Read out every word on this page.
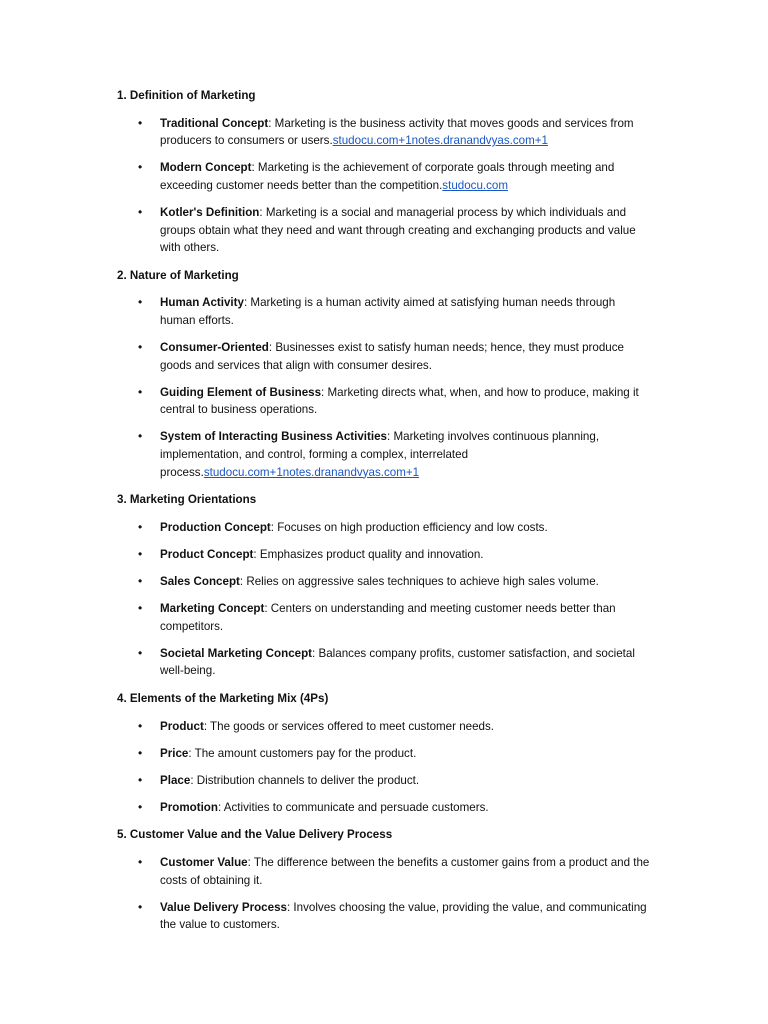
1. Definition of Marketing
• Traditional Concept: Marketing is the business activity that moves goods and services from producers to consumers or users.studocu.com+1notes.dranandvyas.com+1
• Modern Concept: Marketing is the achievement of corporate goals through meeting and exceeding customer needs better than the competition.studocu.com
• Kotler's Definition: Marketing is a social and managerial process by which individuals and groups obtain what they need and want through creating and exchanging products and value with others.
2. Nature of Marketing
• Human Activity: Marketing is a human activity aimed at satisfying human needs through human efforts.
• Consumer-Oriented: Businesses exist to satisfy human needs; hence, they must produce goods and services that align with consumer desires.
• Guiding Element of Business: Marketing directs what, when, and how to produce, making it central to business operations.
• System of Interacting Business Activities: Marketing involves continuous planning, implementation, and control, forming a complex, interrelated process.studocu.com+1notes.dranandvyas.com+1
3. Marketing Orientations
• Production Concept: Focuses on high production efficiency and low costs.
• Product Concept: Emphasizes product quality and innovation.
• Sales Concept: Relies on aggressive sales techniques to achieve high sales volume.
• Marketing Concept: Centers on understanding and meeting customer needs better than competitors.
• Societal Marketing Concept: Balances company profits, customer satisfaction, and societal well-being.
4. Elements of the Marketing Mix (4Ps)
• Product: The goods or services offered to meet customer needs.
• Price: The amount customers pay for the product.
• Place: Distribution channels to deliver the product.
• Promotion: Activities to communicate and persuade customers.
5. Customer Value and the Value Delivery Process
• Customer Value: The difference between the benefits a customer gains from a product and the costs of obtaining it.
• Value Delivery Process: Involves choosing the value, providing the value, and communicating the value to customers.
